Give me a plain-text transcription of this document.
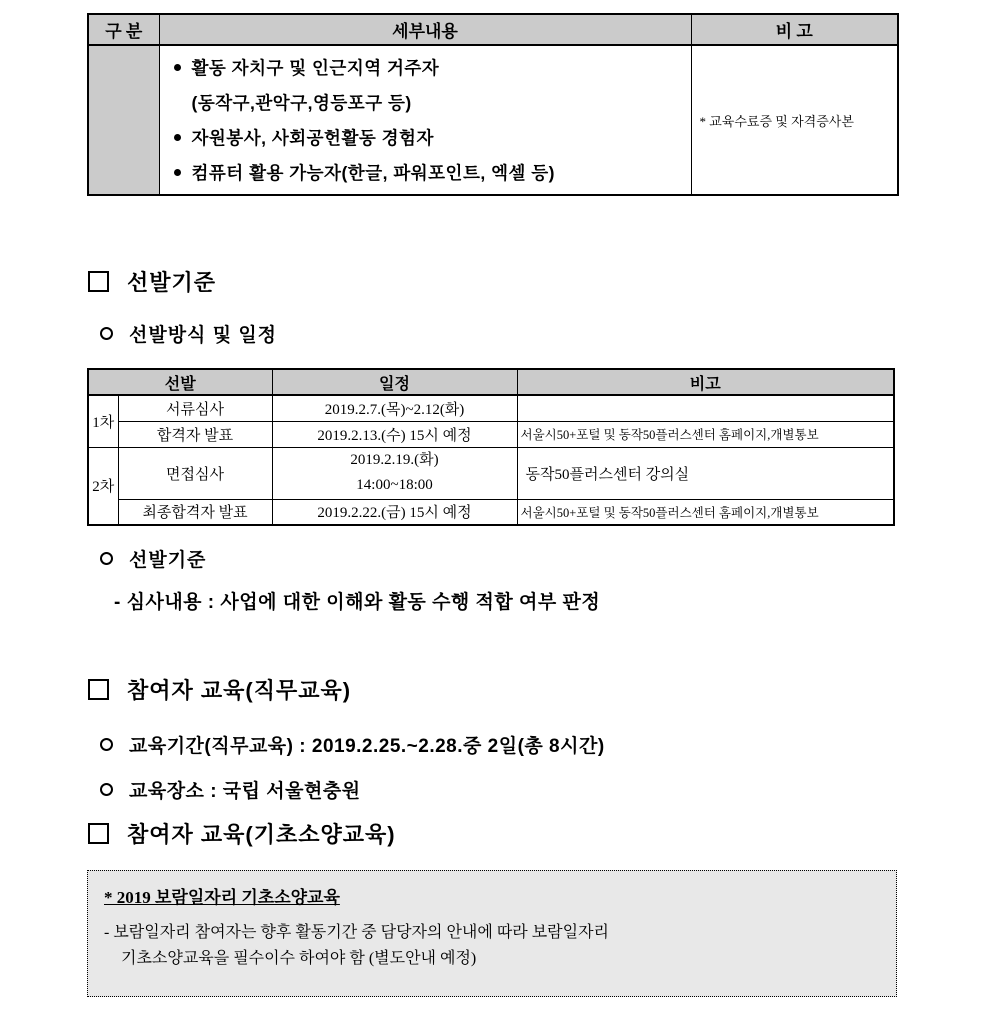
구 분	세부내용	비 고

	활동 자치구 및 인근지역 거주자
(동작구,관악구,영등포구 등)
자원봉사, 사회공헌활동 경험자
컴퓨터 활용 가능자(한글, 파워포인트, 엑셀 등)	* 교육수료증 및 자격증사본
선발기준
선발방식 및 일정
선발		일정	비고
1차	서류심사	2019.2.7.(목)~2.12(화)	
	합격자 발표	2019.2.13.(수) 15시 예정	서울시50+포털 및 동작50플러스센터 홈페이지,개별통보
2차	면접심사	2019.2.19.(화)
14:00~18:00	동작50플러스센터 강의실
	최종합격자 발표	2019.2.22.(금) 15시 예정	서울시50+포털 및 동작50플러스센터 홈페이지,개별통보
선발기준
- 심사내용 : 사업에 대한 이해와 활동 수행 적합 여부 판정
참여자 교육(직무교육)
교육기간(직무교육) : 2019.2.25.~2.28.중 2일(총 8시간)
교육장소 : 국립 서울현충원
참여자 교육(기초소양교육)
* 2019 보람일자리 기초소양교육
- 보람일자리 참여자는 향후 활동기간 중 담당자의 안내에 따라 보람일자리
기초소양교육을 필수이수 하여야 함 (별도안내 예정)
